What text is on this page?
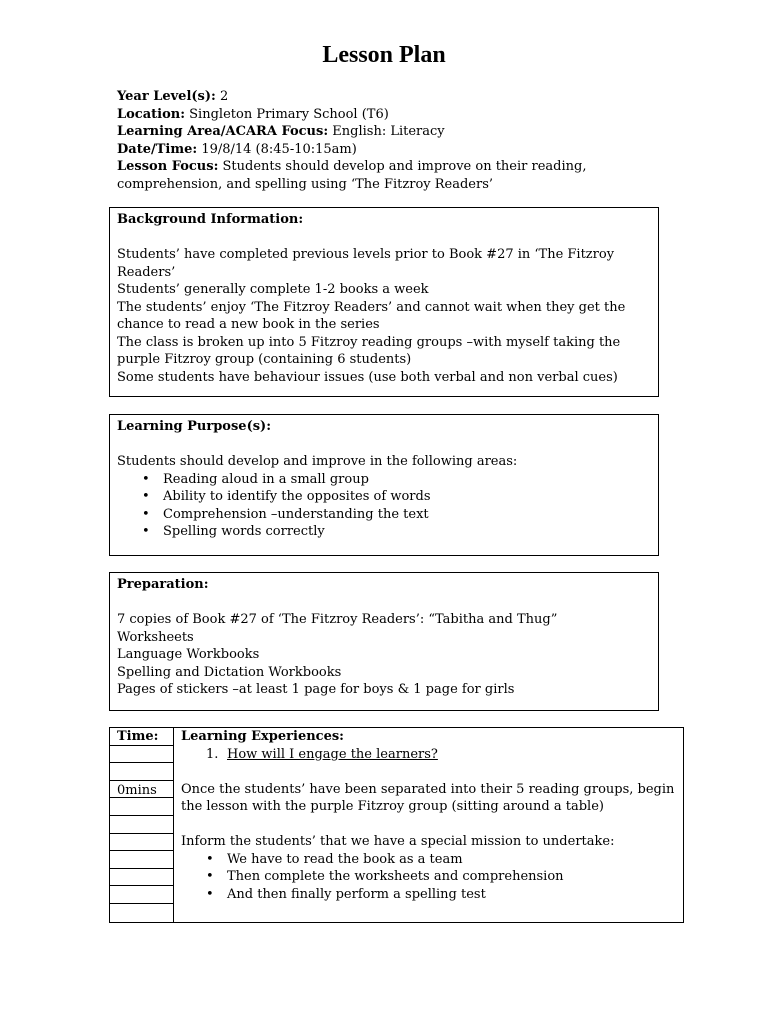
Lesson Plan
Year Level(s): 2
Location: Singleton Primary School (T6)
Learning Area/ACARA Focus: English: Literacy
Date/Time: 19/8/14 (8:45-10:15am)
Lesson Focus: Students should develop and improve on their reading, comprehension, and spelling using ‘The Fitzroy Readers’
Background Information:

Students’ have completed previous levels prior to Book #27 in ‘The Fitzroy Readers’

Students’ generally complete 1-2 books a week

The students’ enjoy ‘The Fitzroy Readers’ and cannot wait when they get the chance to read a new book in the series

The class is broken up into 5 Fitzroy reading groups –with myself taking the purple Fitzroy group (containing 6 students)

Some students have behaviour issues (use both verbal and non verbal cues)

Learning Purpose(s):

Students should develop and improve in the following areas:

• Reading aloud in a small group
• Ability to identify the opposites of words
• Comprehension –understanding the text
• Spelling words correctly
Preparation:

7 copies of Book #27 of ‘The Fitzroy Readers’: “Tabitha and Thug”

Worksheets

Language Workbooks

Spelling and Dictation Workbooks

Pages of stickers –at least 1 page for boys & 1 page for girls

Time:
0mins
Learning Experiences:
1. How will I engage the learners?

Once the students’ have been separated into their 5 reading groups, begin the lesson with the purple Fitzroy group (sitting around a table)

Inform the students’ that we have a special mission to undertake:

• We have to read the book as a team
• Then complete the worksheets and comprehension
• And then finally perform a spelling test
